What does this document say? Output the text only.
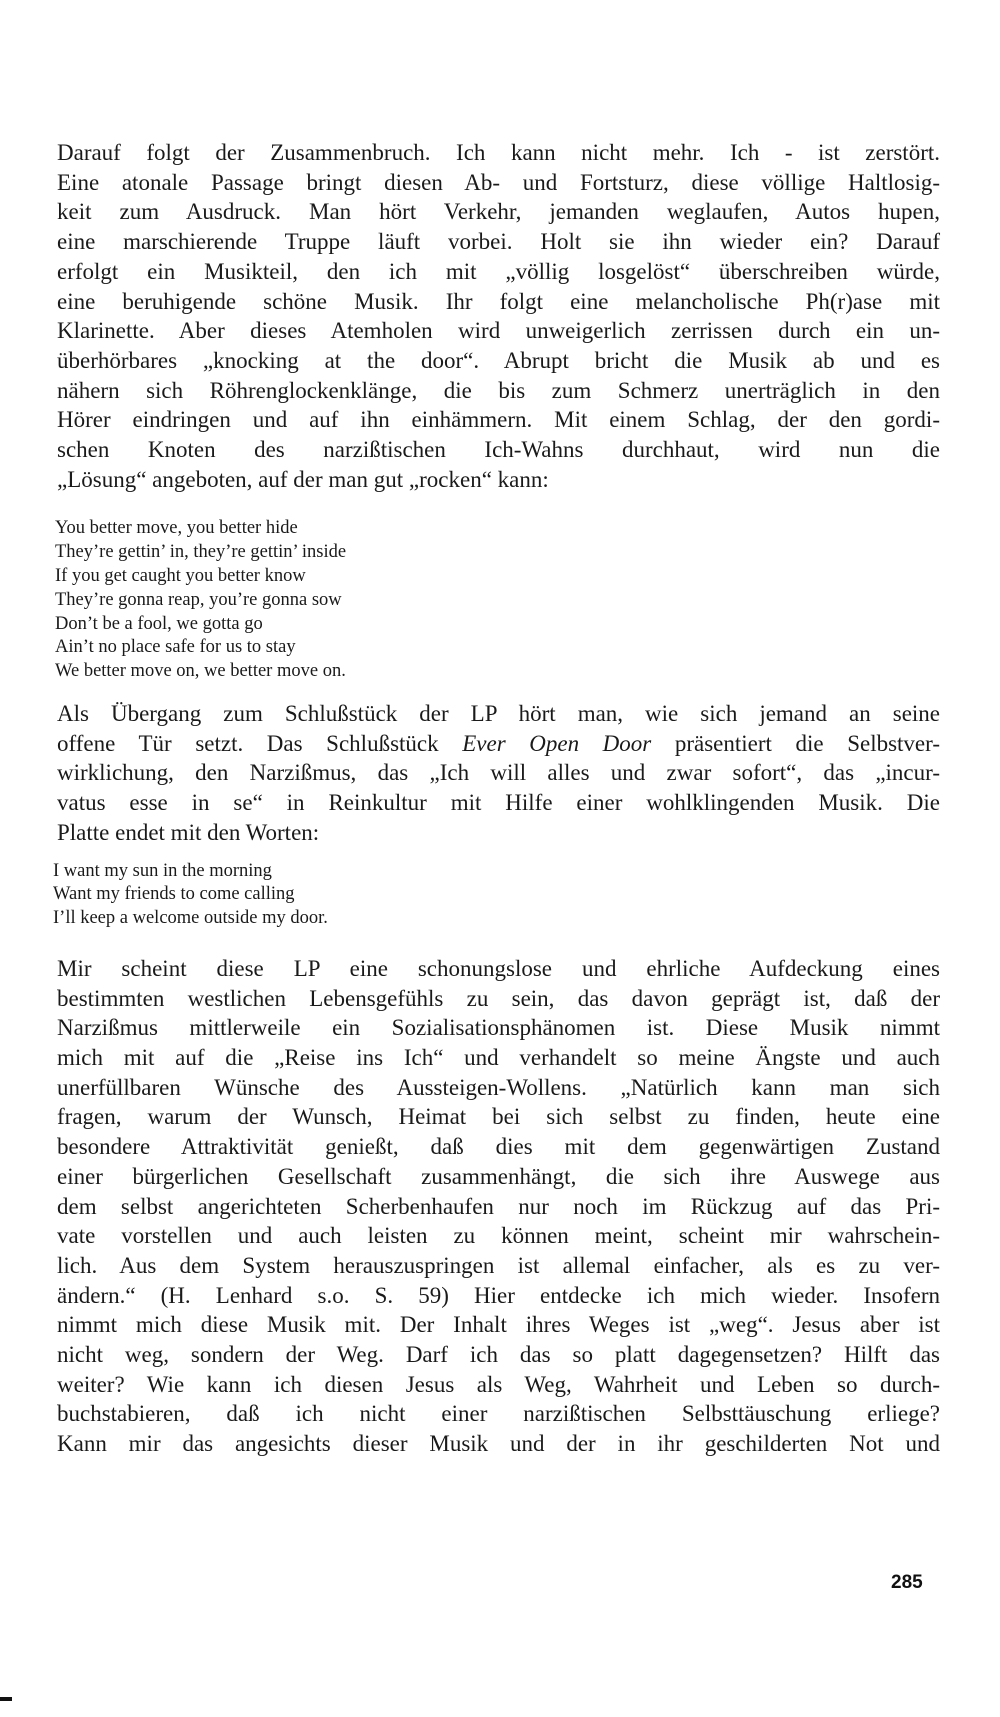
Darauf folgt der Zusammenbruch. Ich kann nicht mehr. Ich - ist zerstört.
Eine atonale Passage bringt diesen Ab- und Fortsturz, diese völlige Haltlosig-
keit zum Ausdruck. Man hört Verkehr, jemanden weglaufen, Autos hupen,
eine marschierende Truppe läuft vorbei. Holt sie ihn wieder ein? Darauf
erfolgt ein Musikteil, den ich mit „völlig losgelöst“ überschreiben würde,
eine beruhigende schöne Musik. Ihr folgt eine melancholische Ph(r)ase mit
Klarinette. Aber dieses Atemholen wird unweigerlich zerrissen durch ein un-
überhörbares „knocking at the door“. Abrupt bricht die Musik ab und es
nähern sich Röhrenglockenklänge, die bis zum Schmerz unerträglich in den
Hörer eindringen und auf ihn einhämmern. Mit einem Schlag, der den gordi-
schen Knoten des narzißtischen Ich-Wahns durchhaut, wird nun die
„Lösung“ angeboten, auf der man gut „rocken“ kann:

You better move, you better hide
They’re gettin’ in, they’re gettin’ inside
If you get caught you better know
They’re gonna reap, you’re gonna sow
Don’t be a fool, we gotta go
Ain’t no place safe for us to stay
We better move on, we better move on.

Als Übergang zum Schlußstück der LP hört man, wie sich jemand an seine
offene Tür setzt. Das Schlußstück Ever Open Door präsentiert die Selbstver-
wirklichung, den Narzißmus, das „Ich will alles und zwar sofort“, das „incur-
vatus esse in se“ in Reinkultur mit Hilfe einer wohlklingenden Musik. Die
Platte endet mit den Worten:

I want my sun in the morning
Want my friends to come calling
I’ll keep a welcome outside my door.

Mir scheint diese LP eine schonungslose und ehrliche Aufdeckung eines
bestimmten westlichen Lebensgefühls zu sein, das davon geprägt ist, daß der
Narzißmus mittlerweile ein Sozialisationsphänomen ist. Diese Musik nimmt
mich mit auf die „Reise ins Ich“ und verhandelt so meine Ängste und auch
unerfüllbaren Wünsche des Aussteigen-Wollens. „Natürlich kann man sich
fragen, warum der Wunsch, Heimat bei sich selbst zu finden, heute eine
besondere Attraktivität genießt, daß dies mit dem gegenwärtigen Zustand
einer bürgerlichen Gesellschaft zusammenhängt, die sich ihre Auswege aus
dem selbst angerichteten Scherbenhaufen nur noch im Rückzug auf das Pri-
vate vorstellen und auch leisten zu können meint, scheint mir wahrschein-
lich. Aus dem System herauszuspringen ist allemal einfacher, als es zu ver-
ändern.“ (H. Lenhard s.o. S. 59) Hier entdecke ich mich wieder. Insofern
nimmt mich diese Musik mit. Der Inhalt ihres Weges ist „weg“. Jesus aber ist
nicht weg, sondern der Weg. Darf ich das so platt dagegensetzen? Hilft das
weiter? Wie kann ich diesen Jesus als Weg, Wahrheit und Leben so durch-
buchstabieren, daß ich nicht einer narzißtischen Selbsttäuschung erliege?
Kann mir das angesichts dieser Musik und der in ihr geschilderten Not und

285
